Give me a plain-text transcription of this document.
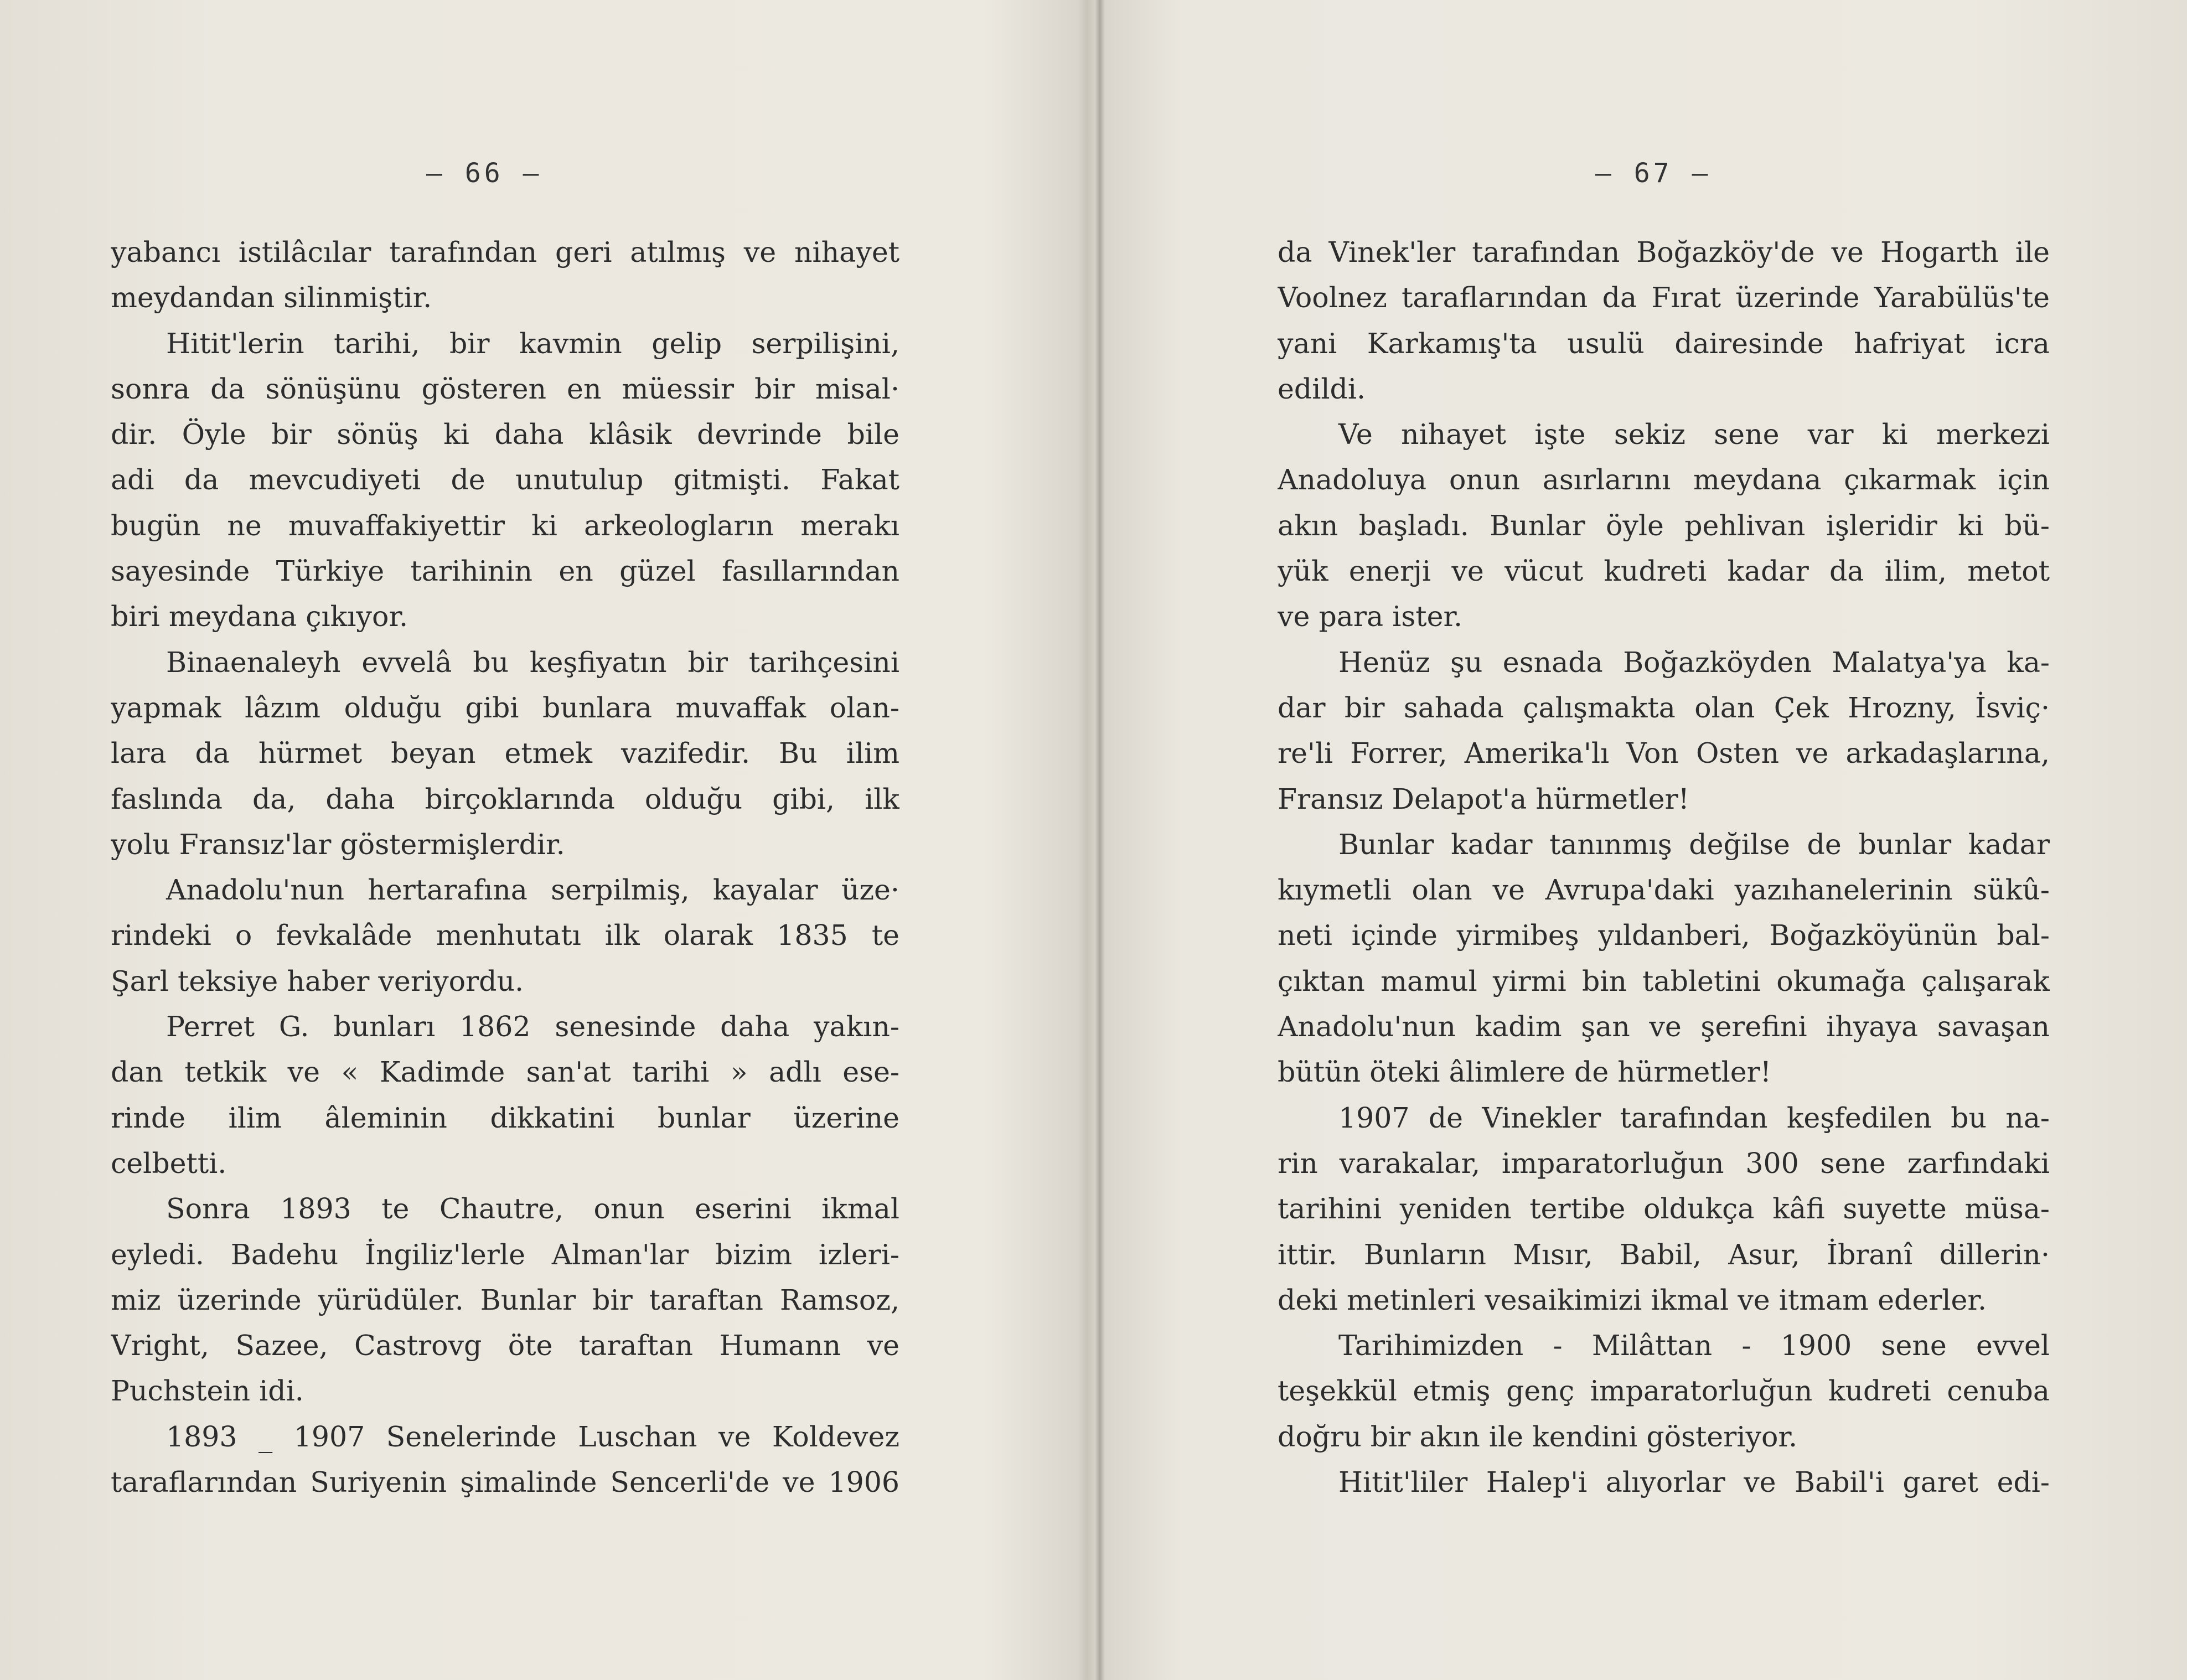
— 66 —
yabancı istilâcılar tarafından geri atılmış ve nihayet
meydandan silinmiştir.
Hitit'lerin tarihi, bir kavmin gelip serpilişini,
sonra da sönüşünu gösteren en müessir bir misal·
dir. Öyle bir sönüş ki daha klâsik devrinde bile
adi da mevcudiyeti de unutulup gitmişti. Fakat
bugün ne muvaffakiyettir ki arkeologların merakı
sayesinde Türkiye tarihinin en güzel fasıllarından
biri meydana çıkıyor.
Binaenaleyh evvelâ bu keşfiyatın bir tarihçesini
yapmak lâzım olduğu gibi bunlara muvaffak olan-
lara da hürmet beyan etmek vazifedir. Bu ilim
faslında da, daha birçoklarında olduğu gibi, ilk
yolu Fransız'lar göstermişlerdir.
Anadolu'nun hertarafına serpilmiş, kayalar üze·
rindeki o fevkalâde menhutatı ilk olarak 1835 te
Şarl teksiye haber veriyordu.
Perret G. bunları 1862 senesinde daha yakın-
dan tetkik ve « Kadimde san'at tarihi » adlı ese-
rinde ilim âleminin dikkatini bunlar üzerine
celbetti.
Sonra 1893 te Chautre, onun eserini ikmal
eyledi. Badehu İngiliz'lerle Alman'lar bizim izleri-
miz üzerinde yürüdüler. Bunlar bir taraftan Ramsoz,
Vright, Sazee, Castrovg öte taraftan Humann ve
Puchstein idi.
1893 _ 1907 Senelerinde Luschan ve Koldevez
taraflarından Suriyenin şimalinde Sencerli'de ve 1906
— 67 —
da Vinek'ler tarafından Boğazköy'de ve Hogarth ile
Voolnez taraflarından da Fırat üzerinde Yarabülüs'te
yani Karkamış'ta usulü dairesinde hafriyat icra
edildi.
Ve nihayet işte sekiz sene var ki merkezi
Anadoluya onun asırlarını meydana çıkarmak için
akın başladı. Bunlar öyle pehlivan işleridir ki bü-
yük enerji ve vücut kudreti kadar da ilim, metot
ve para ister.
Henüz şu esnada Boğazköyden Malatya'ya ka-
dar bir sahada çalışmakta olan Çek Hrozny, İsviç·
re'li Forrer, Amerika'lı Von Osten ve arkadaşlarına,
Fransız Delapot'a hürmetler!
Bunlar kadar tanınmış değilse de bunlar kadar
kıymetli olan ve Avrupa'daki yazıhanelerinin sükû-
neti içinde yirmibeş yıldanberi, Boğazköyünün bal-
çıktan mamul yirmi bin tabletini okumağa çalışarak
Anadolu'nun kadim şan ve şerefini ihyaya savaşan
bütün öteki âlimlere de hürmetler!
1907 de Vinekler tarafından keşfedilen bu na-
rin varakalar, imparatorluğun 300 sene zarfındaki
tarihini yeniden tertibe oldukça kâfi suyette müsa-
ittir. Bunların Mısır, Babil, Asur, İbranî dillerin·
deki metinleri vesaikimizi ikmal ve itmam ederler.
Tarihimizden - Milâttan - 1900 sene evvel
teşekkül etmiş genç imparatorluğun kudreti cenuba
doğru bir akın ile kendini gösteriyor.
Hitit'liler Halep'i alıyorlar ve Babil'i garet edi-
